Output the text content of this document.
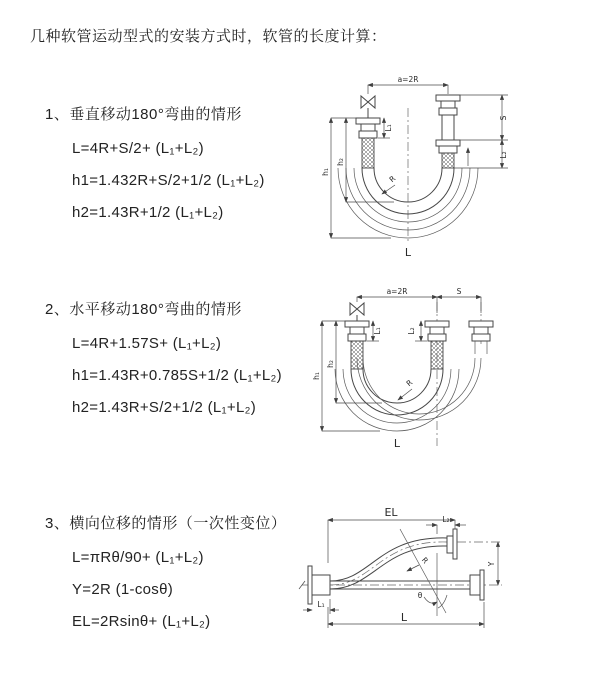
几种软管运动型式的安装方式时，软管的长度计算：
1、垂直移动180°弯曲的情形
L=4R+S/2+ (L₁+L₂)
h1=1.432R+S/2+1/2 (L₁+L₂)
h2=1.43R+1/2 (L₁+L₂)
2、水平移动180°弯曲的情形
L=4R+1.57S+ (L₁+L₂)
h1=1.43R+0.785S+1/2 (L₁+L₂)
h2=1.43R+S/2+1/2 (L₁+L₂)
3、横向位移的情形（一次性变位）
L=πRθ/90+ (L₁+L₂)
Y=2R (1-cosθ)
EL=2Rsinθ+ (L₁+L₂)
a=2R
h₁
h₂
L₁
S
L₂
R
L
a=2R	S
h₁
h₂
L₁	L₂
R
L
EL
L₂
Y
θ
R
L
L₁
